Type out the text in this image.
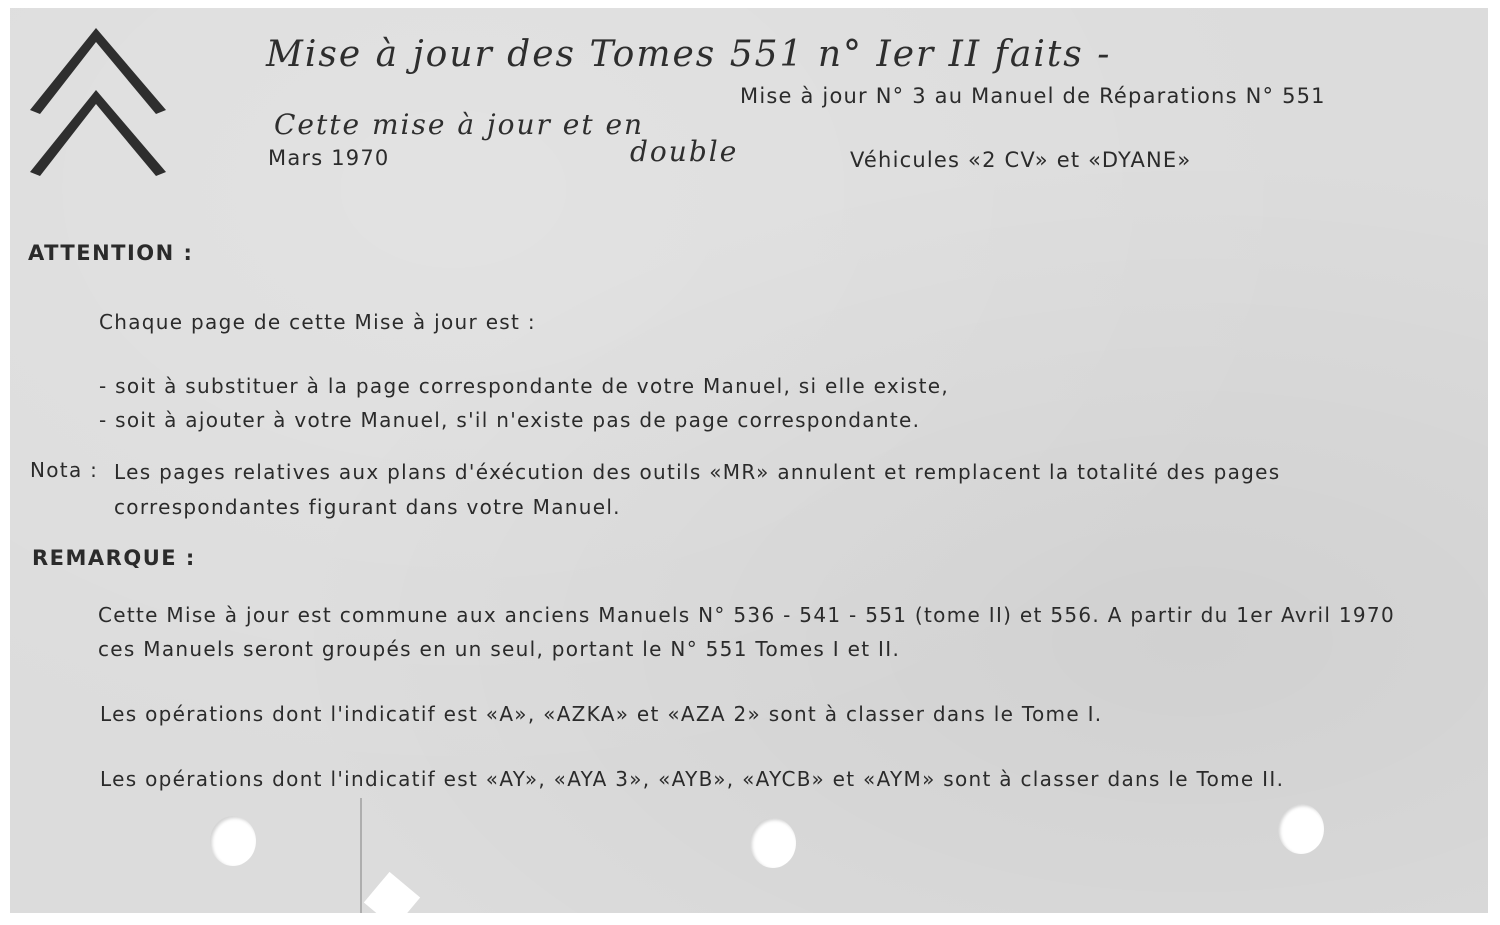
Mise à jour des Tomes 551 n° Ier II faits -
Cette mise à jour et en
double
Mise à jour N° 3 au Manuel de Réparations N° 551
Mars 1970	Véhicules «2 CV» et «DYANE»
ATTENTION :
Chaque page de cette Mise à jour est :
- soit à substituer à la page correspondante de votre Manuel, si elle existe,
- soit à ajouter à votre Manuel, s'il n'existe pas de page correspondante.
Nota : Les pages relatives aux plans d'éxécution des outils «MR» annulent et remplacent la totalité des pages
correspondantes figurant dans votre Manuel.
REMARQUE :
Cette Mise à jour est commune aux anciens Manuels N° 536 - 541 - 551 (tome II) et 556. A partir du 1er Avril 1970
ces Manuels seront groupés en un seul, portant le N° 551 Tomes I et II.
Les opérations dont l'indicatif est «A», «AZKA» et «AZA 2» sont à classer dans le Tome I.
Les opérations dont l'indicatif est «AY», «AYA 3», «AYB», «AYCB» et «AYM» sont à classer dans le Tome II.
